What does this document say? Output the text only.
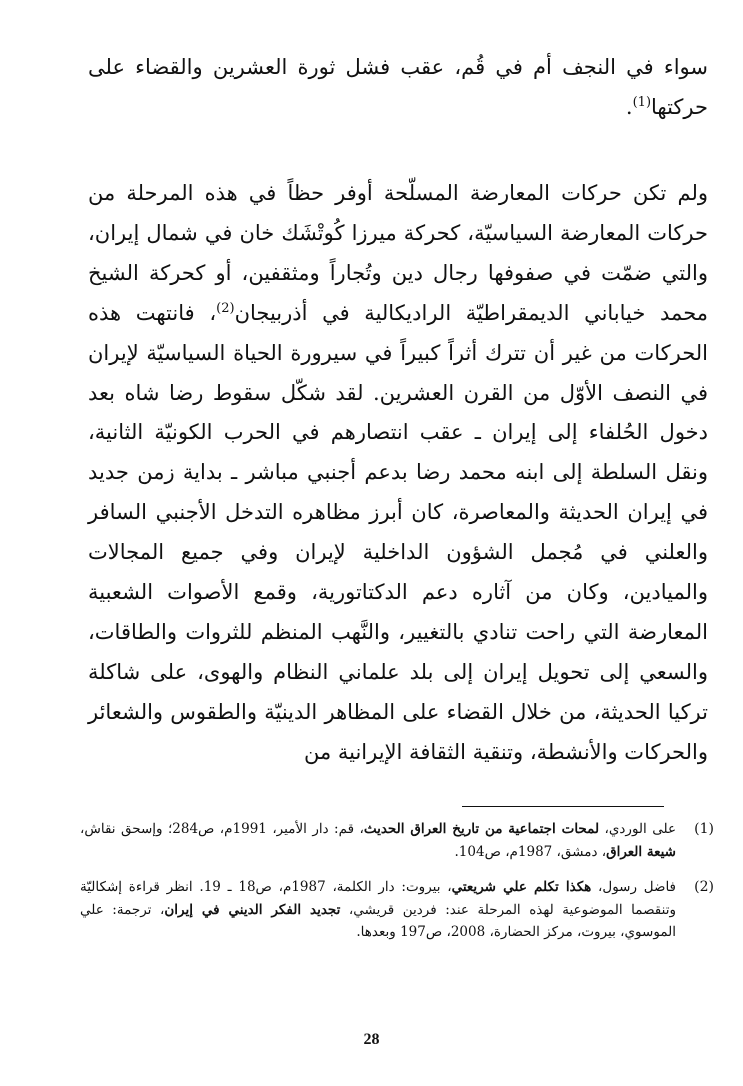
سواء في النجف أم في قُم، عقب فشل ثورة العشرين والقضاء على حركتها$^{(1)}$.

ولم تكن حركات المعارضة المسلّحة أوفر حظاً في هذه المرحلة من حركات المعارضة السياسيّة، كحركة ميرزا كُوتْشَك خان في شمال إيران، والتي ضمّت في صفوفها رجال دين وتُجاراً ومثقفين، أو كحركة الشيخ محمد خياباني الديمقراطيّة الراديكالية في أذربيجان$^{(2)}$، فانتهت هذه الحركات من غير أن تترك أثراً كبيراً في سيرورة الحياة السياسيّة لإيران في النصف الأوّل من القرن العشرين. لقد شكّل سقوط رضا شاه بعد دخول الحُلفاء إلى إيران ـ عقب انتصارهم في الحرب الكونيّة الثانية، ونقل السلطة إلى ابنه محمد رضا بدعم أجنبي مباشر ـ بداية زمن جديد في إيران الحديثة والمعاصرة، كان أبرز مظاهره التدخل الأجنبي السافر والعلني في مُجمل الشؤون الداخلية لإيران وفي جميع المجالات والميادين، وكان من آثاره دعم الدكتاتورية، وقمع الأصوات الشعبية المعارضة التي راحت تنادي بالتغيير، والنَّهب المنظم للثروات والطاقات، والسعي إلى تحويل إيران إلى بلد علماني النظام والهوى، على شاكلة تركيا الحديثة، من خلال القضاء على المظاهر الدينيّة والطقوس والشعائر والحركات والأنشطة، وتنقية الثقافة الإيرانية من

(1)
على الوردي، لمحات اجتماعية من تاريخ العراق الحديث، قم: دار الأمير، 1991م، ص284؛ وإسحق نقاش، شيعة العراق، دمشق، 1987م، ص104.

(2)
فاضل رسول، هكذا تكلم علي شريعتي، بيروت: دار الكلمة، 1987م، ص18 ـ 19. انظر قراءة إشكاليّة وتنقصما الموضوعية لهذه المرحلة عند: فردين قريشي، تجديد الفكر الديني في إيران، ترجمة: علي الموسوي، بيروت، مركز الحضارة، 2008، ص197 وبعدها.

28
